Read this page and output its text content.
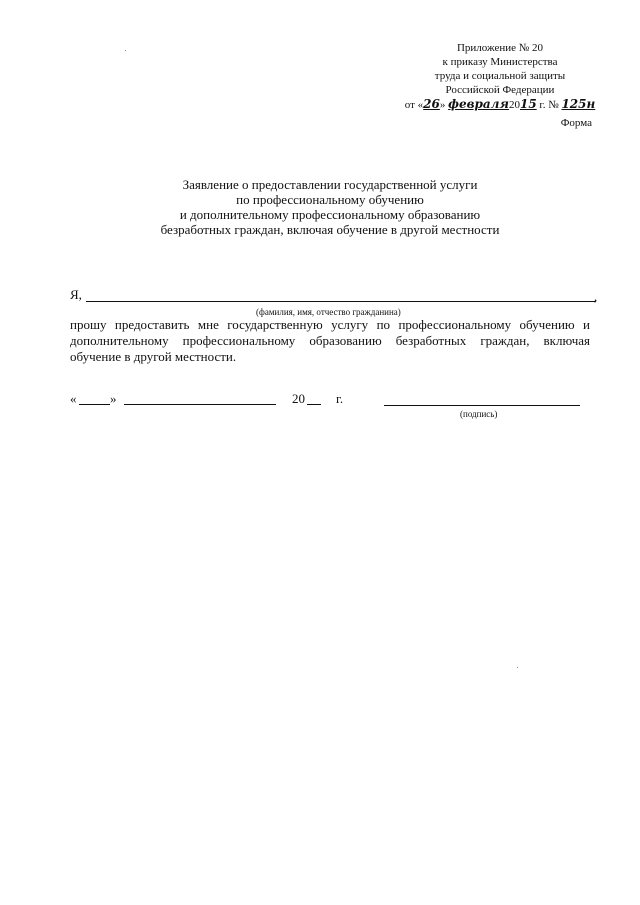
Приложение № 20
к приказу Министерства
труда и социальной защиты
Российской Федерации
от «26» февраля2015 г. № 125н
Форма
Заявление о предоставлении государственной услуги
по профессиональному обучению
и дополнительному профессиональному образованию
безработных граждан, включая обучение в другой местности
Я,	,
(фамилия, имя, отчество гражданина)
прошу предоставить мне государственную услугу по профессиональному обучению и дополнительному профессиональному образованию безработных граждан, включая обучение в другой местности.
«	»	20 г.
(подпись)
